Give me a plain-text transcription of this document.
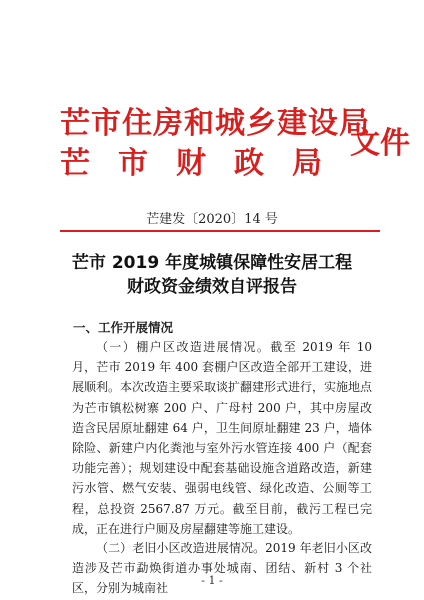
芒市住房和城乡建设局
芒市财政局
文件
芒建发〔2020〕14 号
芒市 2019 年度城镇保障性安居工程
财政资金绩效自评报告
一、工作开展情况
（一）棚户区改造进展情况。截至 2019 年 10 月，芒市 2019 年 400 套棚户区改造全部开工建设，进展顺利。本次改造主要采取谈扩翻建形式进行，实施地点为芒市镇松树寨 200 户、广母村 200 户，其中房屋改造含民居原址翻建 64 户，卫生间原址翻建 23 户，墙体除险、新建户内化粪池与室外污水管连接 400 户（配套功能完善）；规划建设中配套基础设施含道路改造，新建污水管、燃气安装、强弱电线管、绿化改造、公厕等工程，总投资 2567.87 万元。截至目前，截污工程已完成，正在进行户厕及房屋翻建等施工建设。
（二）老旧小区改造进展情况。2019 年老旧小区改造涉及芒市勐焕街道办事处城南、团结、新村 3 个社区，分别为城南社
- 1 -
